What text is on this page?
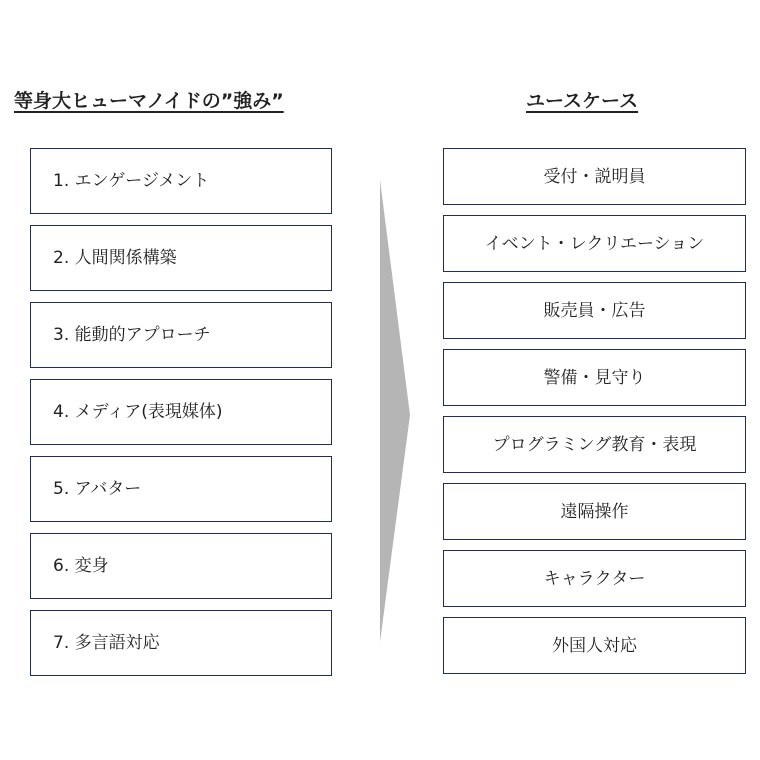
等身大ヒューマノイドの”強み”	ユースケース
1. エンゲージメント
2. 人間関係構築
3. 能動的アプローチ
4. メディア(表現媒体)
5. アバター
6. 変身
7. 多言語対応
受付・説明員
イベント・レクリエーション
販売員・広告
警備・見守り
プログラミング教育・表現
遠隔操作
キャラクター
外国人対応
